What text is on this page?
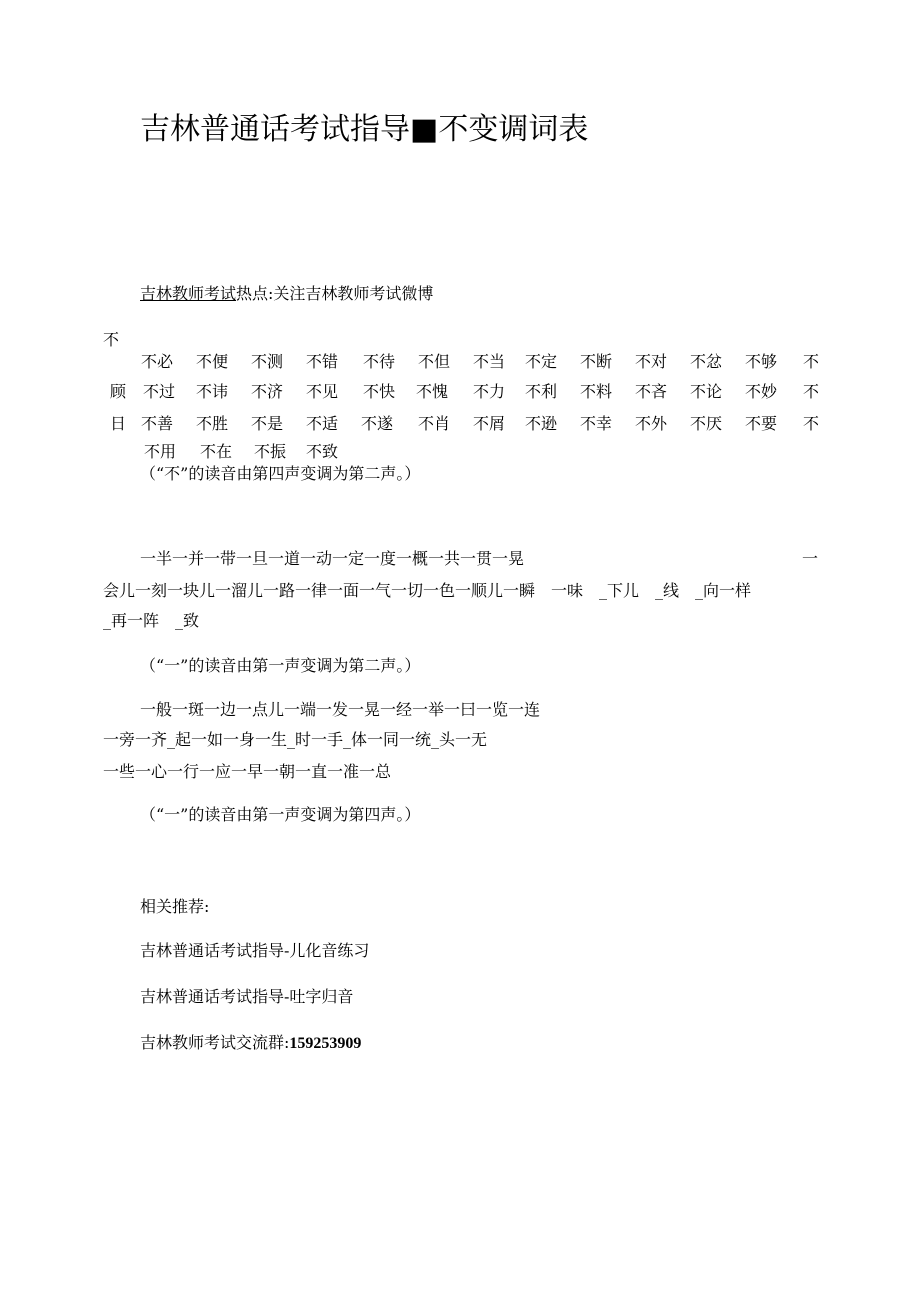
吉林普通话考试指导■不变调词表
吉林教师考试热点:关注吉林教师考试微博
不
不必 不便 不测 不错 不待 不但 不当 不定 不断 不对 不忿 不够 不
顾 不过 不讳 不济 不见 不快 不愧 不力 不利 不料 不吝 不论 不妙 不
日 不善 不胜 不是 不适 不遂 不肖 不屑 不逊 不幸 不外 不厌 不要 不
不用 不在 不振 不致
（“不”的读音由第四声变调为第二声。）
一半一并一带一旦一道一动一定一度一概一共一贯一晃	一
会儿一刻一块儿一溜儿一路一律一面一气一切一色一顺儿一瞬　一味　_下儿　_线　_向一样
_再一阵　_致
（“一”的读音由第一声变调为第二声。）
一般一斑一边一点儿一端一发一晃一经一举一曰一览一连
一旁一齐_起一如一身一生_时一手_体一同一统_头一无
一些一心一行一应一早一朝一直一准一总
（“一”的读音由第一声变调为第四声。）
相关推荐:
吉林普通话考试指导-儿化音练习
吉林普通话考试指导-吐字归音
吉林教师考试交流群:159253909
